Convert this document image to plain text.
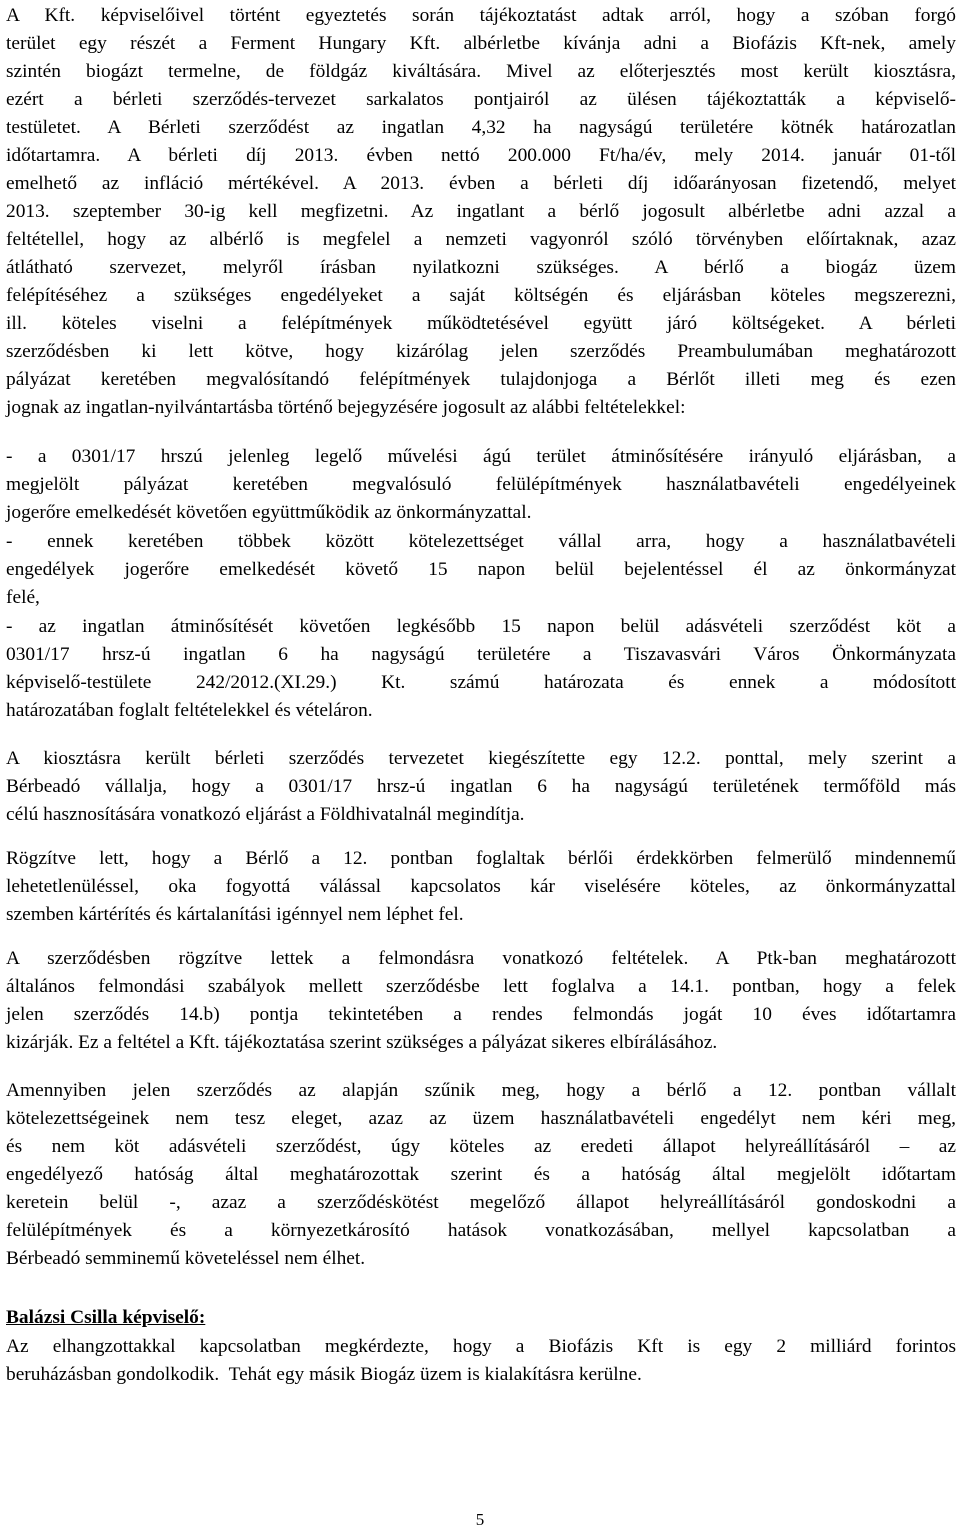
A Kft. képviselőivel történt egyeztetés során tájékoztatást adtak arról, hogy a szóban forgó
terület egy részét a Ferment Hungary Kft. albérletbe kívánja adni a Biofázis Kft-nek, amely
szintén biogázt termelne, de földgáz kiváltására. Mivel az előterjesztés most került kiosztásra,
ezért a bérleti szerződés-tervezet sarkalatos pontjairól az ülésen tájékoztatták a képviselő-
testületet. A Bérleti szerződést az ingatlan 4,32 ha nagyságú területére kötnék határozatlan
időtartamra. A bérleti díj 2013. évben nettó 200.000 Ft/ha/év, mely 2014. január 01-től
emelhető az infláció mértékével. A 2013. évben a bérleti díj időarányosan fizetendő, melyet
2013. szeptember 30-ig kell megfizetni. Az ingatlant a bérlő jogosult albérletbe adni azzal a
feltétellel, hogy az albérlő is megfelel a nemzeti vagyonról szóló törvényben előírtaknak, azaz
átlátható szervezet, melyről írásban nyilatkozni szükséges. A bérlő a biogáz üzem
felépítéséhez a szükséges engedélyeket a saját költségén és eljárásban köteles megszerezni,
ill. köteles viselni a felépítmények működtetésével együtt járó költségeket. A bérleti
szerződésben ki lett kötve, hogy kizárólag jelen szerződés Preambulumában meghatározott
pályázat keretében megvalósítandó felépítmények tulajdonjoga a Bérlőt illeti meg és ezen
jognak az ingatlan-nyilvántartásba történő bejegyzésére jogosult az alábbi feltételekkel:
- a 0301/17 hrszú jelenleg legelő művelési ágú terület átminősítésére irányuló eljárásban, a
megjelölt pályázat keretében megvalósuló felülépítmények használatbavételi engedélyeinek
jogerőre emelkedését követően együttműködik az önkormányzattal.
- ennek keretében többek között kötelezettséget vállal arra, hogy a használatbavételi
engedélyek jogerőre emelkedését követő 15 napon belül bejelentéssel él az önkormányzat
felé,
- az ingatlan átminősítését követően legkésőbb 15 napon belül adásvételi szerződést köt a
0301/17 hrsz-ú ingatlan 6 ha nagyságú területére a Tiszavasvári Város Önkormányzata
képviselő-testülete 242/2012.(XI.29.) Kt. számú határozata és ennek a módosított
határozatában foglalt feltételekkel és vételáron.
A kiosztásra került bérleti szerződés tervezetet kiegészítette egy 12.2. ponttal, mely szerint a
Bérbeadó vállalja, hogy a 0301/17 hrsz-ú ingatlan 6 ha nagyságú területének termőföld más
célú hasznosítására vonatkozó eljárást a Földhivatalnál megindítja.
Rögzítve lett, hogy a Bérlő a 12. pontban foglaltak bérlői érdekkörben felmerülő mindennemű
lehetetlenüléssel, oka fogyottá válással kapcsolatos kár viselésére köteles, az önkormányzattal
szemben kártérítés és kártalanítási igénnyel nem léphet fel.
A szerződésben rögzítve lettek a felmondásra vonatkozó feltételek. A Ptk-ban meghatározott
általános felmondási szabályok mellett szerződésbe lett foglalva a 14.1. pontban, hogy a felek
jelen szerződés 14.b) pontja tekintetében a rendes felmondás jogát 10 éves időtartamra
kizárják. Ez a feltétel a Kft. tájékoztatása szerint szükséges a pályázat sikeres elbírálásához.
Amennyiben jelen szerződés az alapján szűnik meg, hogy a bérlő a 12. pontban vállalt
kötelezettségeinek nem tesz eleget, azaz az üzem használatbavételi engedélyt nem kéri meg,
és nem köt adásvételi szerződést, úgy köteles az eredeti állapot helyreállításáról – az
engedélyező hatóság által meghatározottak szerint és a hatóság által megjelölt időtartam
keretein belül -, azaz a szerződéskötést megelőző állapot helyreállításáról gondoskodni a
felülépítmények és a környezetkárosító hatások vonatkozásában, mellyel kapcsolatban a
Bérbeadó semminemű követeléssel nem élhet.
Balázsi Csilla képviselő:
Az elhangzottakkal kapcsolatban megkérdezte, hogy a Biofázis Kft is egy 2 milliárd forintos
beruházásban gondolkodik.  Tehát egy másik Biogáz üzem is kialakításra kerülne.
5
